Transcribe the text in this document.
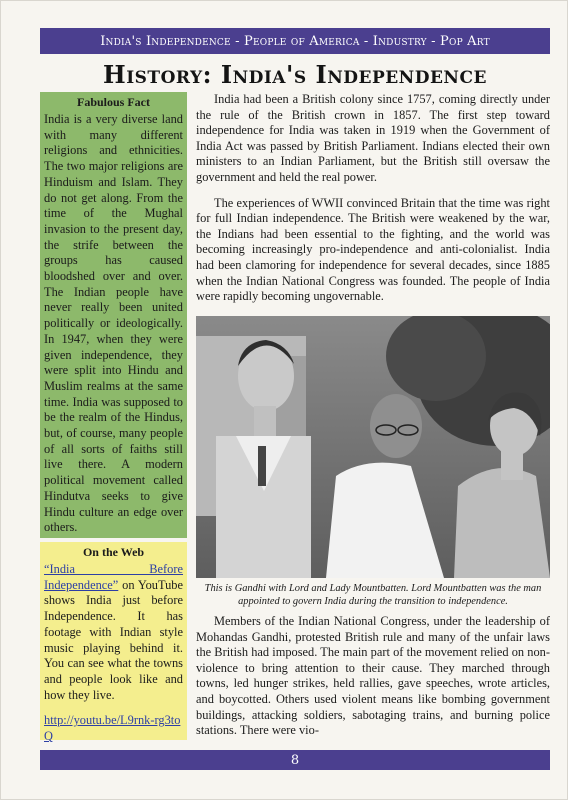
India's Independence - People of America - Industry - Pop Art
History: India's Independence
Fabulous Fact
India is a very diverse land with many different religions and ethnicities. The two major religions are Hinduism and Islam. They do not get along. From the time of the Mughal invasion to the present day, the strife between the groups has caused bloodshed over and over. The Indian people have never really been united politically or ideologically. In 1947, when they were given independence, they were split into Hindu and Muslim realms at the same time. India was supposed to be the realm of the Hindus, but, of course, many people of all sorts of faiths still live there. A modern political movement called Hindutva seeks to give Hindu culture an edge over others.
On the Web
“India Before Independence” on YouTube shows India just before Independence. It has footage with Indian style music playing behind it. You can see what the towns and people look like and how they live.
http://youtu.be/L9rnk-rg3toQ

India had been a British colony since 1757, coming directly under the rule of the British crown in 1857. The first step toward independence for India was taken in 1919 when the Government of India Act was passed by British Parliament. Indians elected their own ministers to an Indian Parliament, but the British still oversaw the government and held the real power.

The experiences of WWII convinced Britain that the time was right for full Indian independence. The British were weakened by the war, the Indians had been essential to the fighting, and the world was becoming increasingly pro-independence and anti-colonialist. India had been clamoring for independence for several decades, since 1885 when the Indian National Congress was founded. The people of India were rapidly becoming ungovernable.

This is Gandhi with Lord and Lady Mountbatten. Lord Mountbatten was the man appointed to govern India during the transition to independence.

Members of the Indian National Congress, under the leadership of Mohandas Gandhi, protested British rule and many of the unfair laws the British had imposed. The main part of the movement relied on non-violence to bring attention to their cause. They marched through towns, led hunger strikes, held rallies, gave speeches, wrote articles, and boycotted. Others used violent means like bombing government buildings, attacking soldiers, sabotaging trains, and burning police stations. There were vio-

8
